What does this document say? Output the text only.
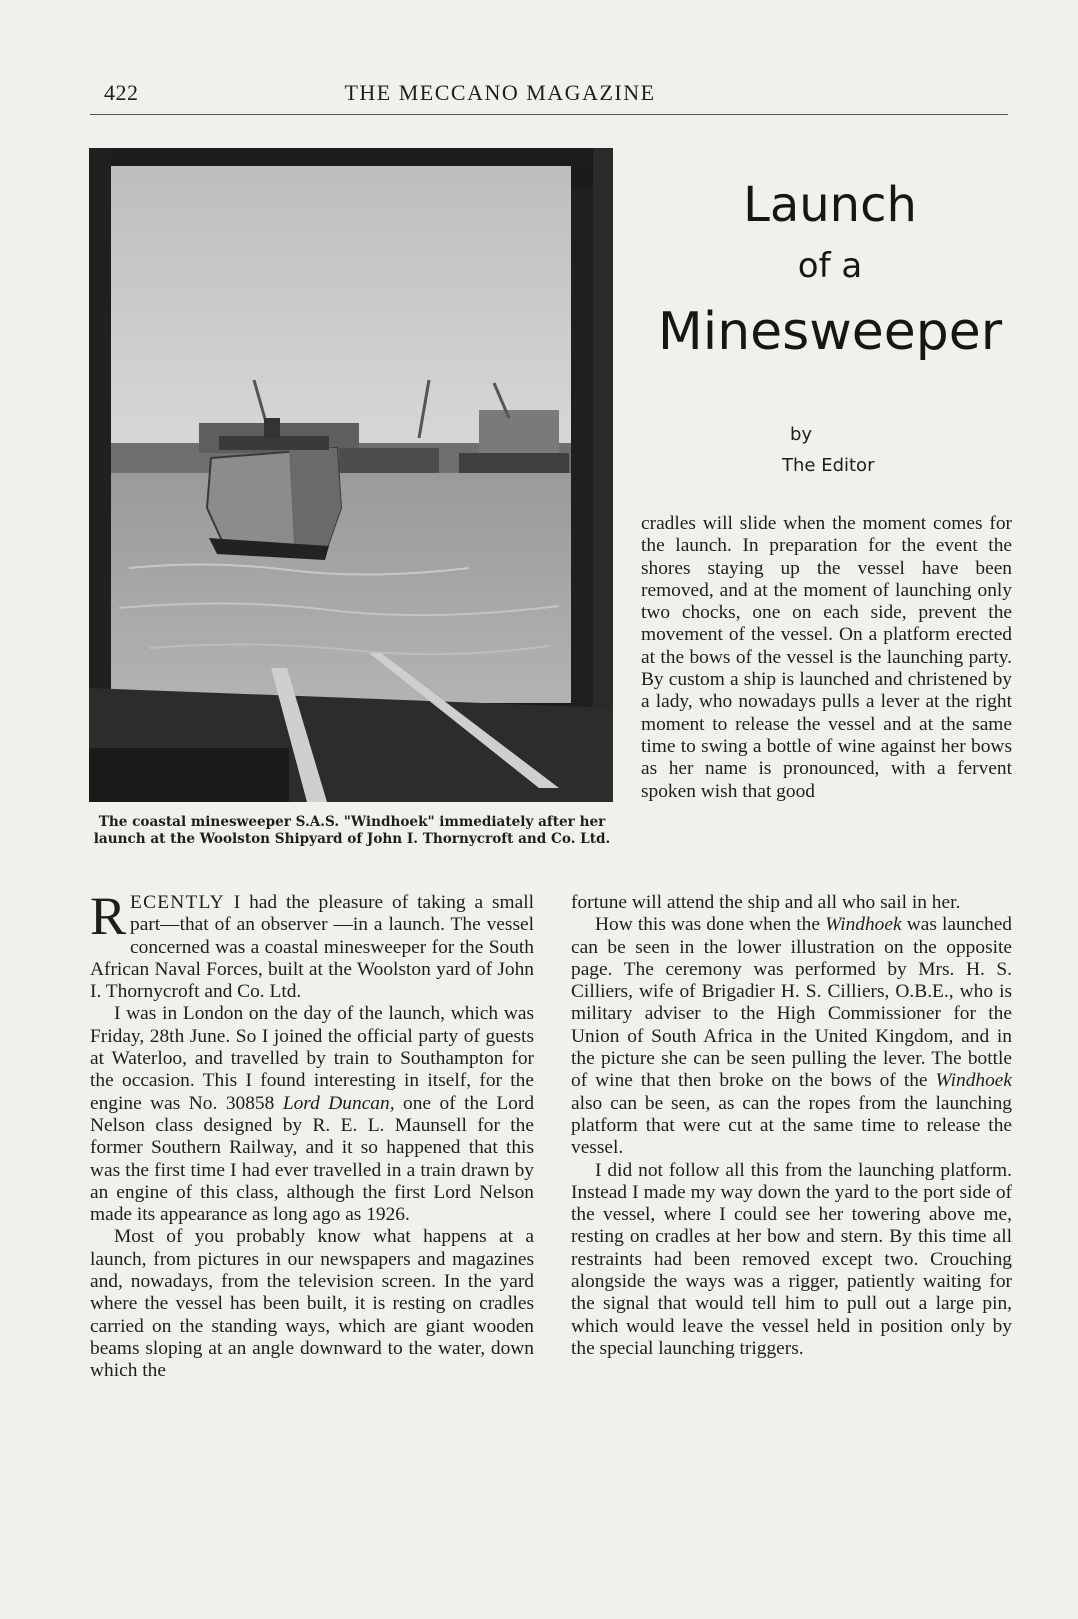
422	THE MECCANO MAGAZINE
The coastal minesweeper S.A.S. "Windhoek" immediately after her launch at the Woolston Shipyard of John I. Thornycroft and Co. Ltd.
Launch
of a
Minesweeper
by
The Editor

RECENTLY I had the pleasure of taking a small part—that of an observer —in a launch. The vessel concerned was a coastal minesweeper for the South African Naval Forces, built at the Woolston yard of John I. Thornycroft and Co. Ltd.

I was in London on the day of the launch, which was Friday, 28th June. So I joined the official party of guests at Waterloo, and travelled by train to Southampton for the occasion. This I found interesting in itself, for the engine was No. 30858 Lord Duncan, one of the Lord Nelson class designed by R. E. L. Maunsell for the former Southern Railway, and it so happened that this was the first time I had ever travelled in a train drawn by an engine of this class, although the first Lord Nelson made its appearance as long ago as 1926.

Most of you probably know what happens at a launch, from pictures in our newspapers and magazines and, nowadays, from the television screen. In the yard where the vessel has been built, it is resting on cradles carried on the standing ways, which are giant wooden beams sloping at an angle downward to the water, down which the

cradles will slide when the moment comes for the launch. In preparation for the event the shores staying up the vessel have been removed, and at the moment of launching only two chocks, one on each side, prevent the movement of the vessel. On a platform erected at the bows of the vessel is the launching party. By custom a ship is launched and christened by a lady, who nowadays pulls a lever at the right moment to release the vessel and at the same time to swing a bottle of wine against her bows as her name is pronounced, with a fervent spoken wish that good

fortune will attend the ship and all who sail in her.

How this was done when the Windhoek was launched can be seen in the lower illustration on the opposite page. The ceremony was performed by Mrs. H. S. Cilliers, wife of Brigadier H. S. Cilliers, O.B.E., who is military adviser to the High Commissioner for the Union of South Africa in the United Kingdom, and in the picture she can be seen pulling the lever. The bottle of wine that then broke on the bows of the Windhoek also can be seen, as can the ropes from the launching platform that were cut at the same time to release the vessel.

I did not follow all this from the launching platform. Instead I made my way down the yard to the port side of the vessel, where I could see her towering above me, resting on cradles at her bow and stern. By this time all restraints had been removed except two. Crouching alongside the ways was a rigger, patiently waiting for the signal that would tell him to pull out a large pin, which would leave the vessel held in position only by the special launching triggers.
